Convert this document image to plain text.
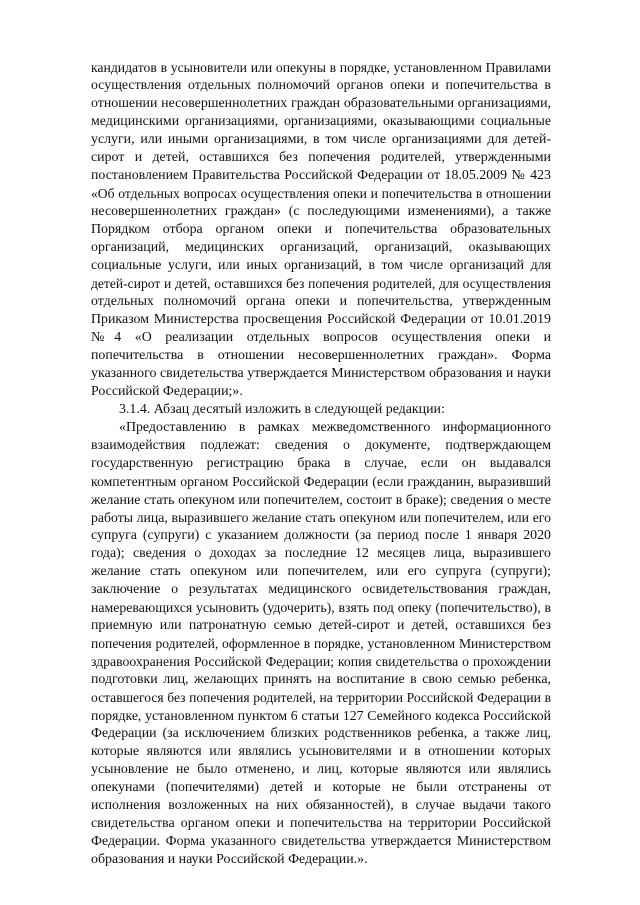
кандидатов в усыновители или опекуны в порядке, установленном Правилами
осуществления отдельных полномочий органов опеки и попечительства в
отношении несовершеннолетних граждан образовательными организациями,
медицинскими организациями, организациями, оказывающими социальные
услуги, или иными организациями, в том числе организациями для детей-
сирот и детей, оставшихся без попечения родителей, утвержденными
постановлением Правительства Российской Федерации от 18.05.2009 № 423
«Об отдельных вопросах осуществления опеки и попечительства в отношении
несовершеннолетних граждан» (с последующими изменениями), а также
Порядком отбора органом опеки и попечительства образовательных
организаций, медицинских организаций, организаций, оказывающих
социальные услуги, или иных организаций, в том числе организаций для
детей-сирот и детей, оставшихся без попечения родителей, для осуществления
отдельных полномочий органа опеки и попечительства, утвержденным
Приказом Министерства просвещения Российской Федерации от 10.01.2019
№4 «О реализации отдельных вопросов осуществления опеки и
попечительства в отношении несовершеннолетних граждан». Форма
указанного свидетельства утверждается Министерством образования и науки
Российской Федерации;».
3.1.4. Абзац десятый изложить в следующей редакции:
«Предоставлению в рамках межведомственного информационного
взаимодействия подлежат: сведения о документе, подтверждающем
государственную регистрацию брака в случае, если он выдавался
компетентным органом Российской Федерации (если гражданин, выразивший
желание стать опекуном или попечителем, состоит в браке); сведения о месте
работы лица, выразившего желание стать опекуном или попечителем, или его
супруга (супруги) с указанием должности (за период после 1 января 2020
года); сведения о доходах за последние 12 месяцев лица, выразившего
желание стать опекуном или попечителем, или его супруга (супруги);
заключение о результатах медицинского освидетельствования граждан,
намеревающихся усыновить (удочерить), взять под опеку (попечительство), в
приемную или патронатную семью детей-сирот и детей, оставшихся без
попечения родителей, оформленное в порядке, установленном Министерством
здравоохранения Российской Федерации; копия свидетельства о прохождении
подготовки лиц, желающих принять на воспитание в свою семью ребенка,
оставшегося без попечения родителей, на территории Российской Федерации в
порядке, установленном пунктом 6 статьи 127 Семейного кодекса Российской
Федерации (за исключением близких родственников ребенка, а также лиц,
которые являются или являлись усыновителями и в отношении которых
усыновление не было отменено, и лиц, которые являются или являлись
опекунами (попечителями) детей и которые не были отстранены от
исполнения возложенных на них обязанностей), в случае выдачи такого
свидетельства органом опеки и попечительства на территории Российской
Федерации. Форма указанного свидетельства утверждается Министерством
образования и науки Российской Федерации.».
